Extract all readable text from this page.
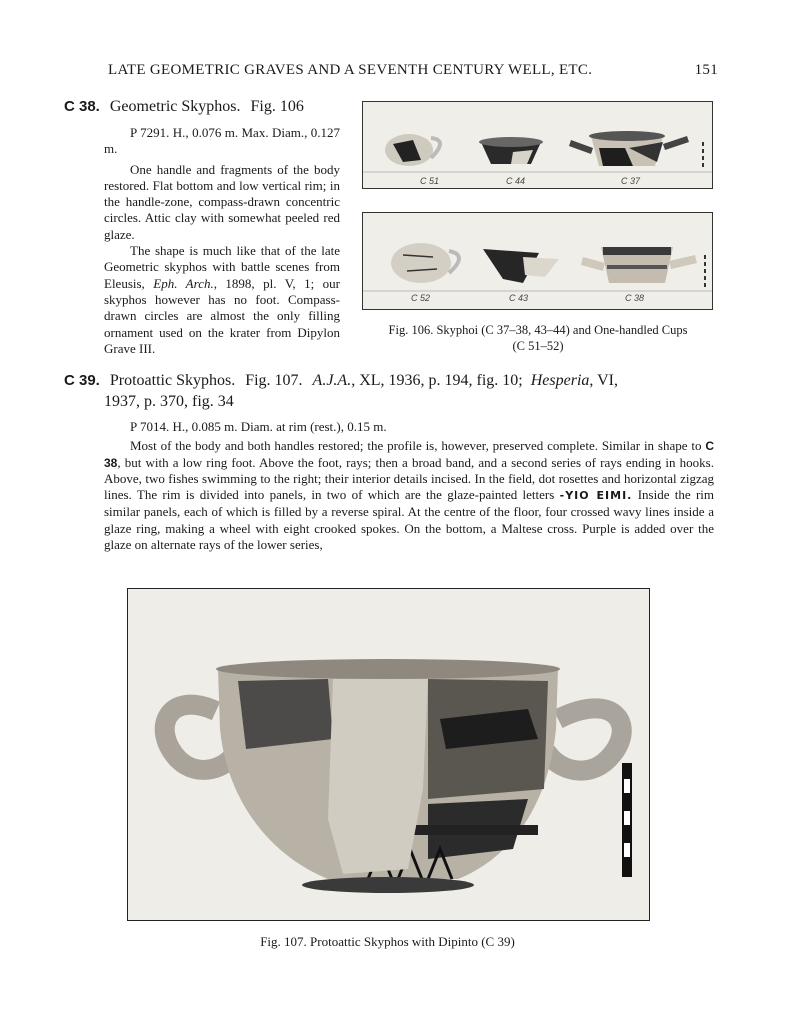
LATE GEOMETRIC GRAVES AND A SEVENTH CENTURY WELL, ETC.	151
C 38. Geometric Skyphos. Fig. 106

P 7291. H., 0.076 m. Max. Diam., 0.127 m.

One handle and fragments of the body restored. Flat bottom and low vertical rim; in the handle-zone, compass-drawn concentric circles. Attic clay with somewhat peeled red glaze.

The shape is much like that of the late Geometric skyphos with battle scenes from Eleusis, Eph. Arch., 1898, pl. V, 1; our skyphos however has no foot. Compass-drawn circles are almost the only filling ornament used on the krater from Dipylon Grave III.

C 51	C 44	C 37
C 52	C 43	C 38
Fig. 106. Skyphoi (C 37–38, 43–44) and One-handled Cups
(C 51–52)
C 39. Protoattic Skyphos. Fig. 107. A.J.A., XL, 1936, p. 194, fig. 10; Hesperia, VI,
1937, p. 370, fig. 34

P 7014. H., 0.085 m. Diam. at rim (rest.), 0.15 m.

Most of the body and both handles restored; the profile is, however, preserved complete. Similar in shape to C 38, but with a low ring foot. Above the foot, rays; then a broad band, and a second series of rays ending in hooks. Above, two fishes swimming to the right; their interior details incised. In the field, dot rosettes and horizontal zigzag lines. The rim is divided into panels, in two of which are the glaze-painted letters -ΥΙΟ ΕΙΜΙ. Inside the rim similar panels, each of which is filled by a reverse spiral. At the centre of the floor, four crossed wavy lines inside a glaze ring, making a wheel with eight crooked spokes. On the bottom, a Maltese cross. Purple is added over the glaze on alternate rays of the lower series,

Fig. 107. Protoattic Skyphos with Dipinto (C 39)
